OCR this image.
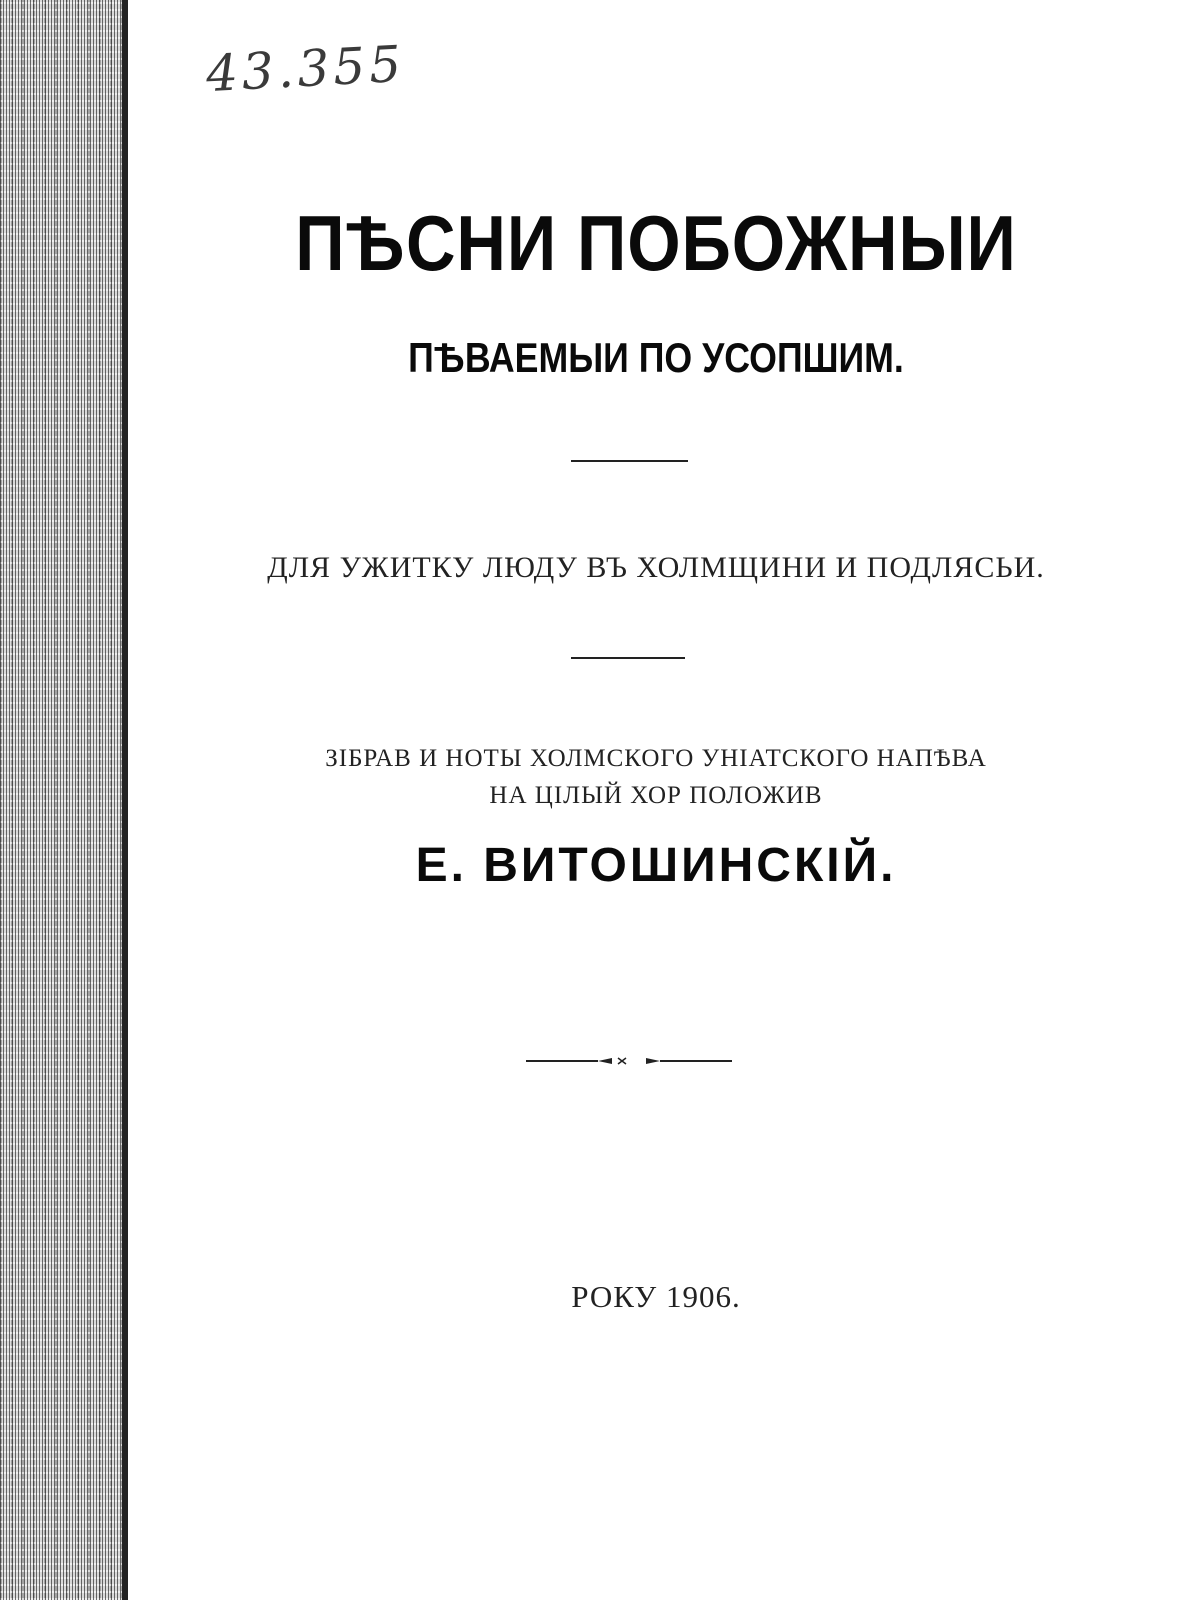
43.355
ПѢСНИ ПОБОЖНЫИ
ПѢВАЕМЫИ ПО УСОПШИМ.
ДЛЯ УЖИТКУ ЛЮДУ ВЪ ХОЛМЩИНИ И ПОДЛЯСЬИ.
ЗІБРАВ И НОТЫ ХОЛМСКОГО УНІАТСКОГО НАПѢВА
НА ЦІЛЫЙ ХОР ПОЛОЖИВ
Е. ВИТОШИНСКІЙ.
РОКУ 1906.
